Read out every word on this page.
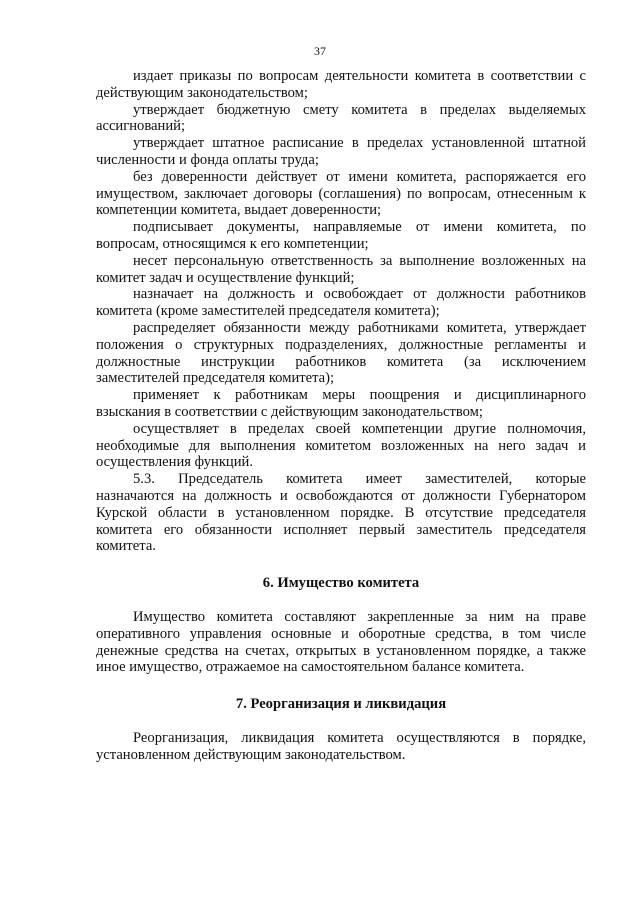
37

издает приказы по вопросам деятельности комитета в соответствии с действующим законодательством;

утверждает бюджетную смету комитета в пределах выделяемых ассигнований;

утверждает штатное расписание в пределах установленной штатной численности и фонда оплаты труда;

без доверенности действует от имени комитета, распоряжается его имуществом, заключает договоры (соглашения) по вопросам, отнесенным к компетенции комитета, выдает доверенности;

подписывает документы, направляемые от имени комитета, по вопросам, относящимся к его компетенции;

несет персональную ответственность за выполнение возложенных на комитет задач и осуществление функций;

назначает на должность и освобождает от должности работников комитета (кроме заместителей председателя комитета);

распределяет обязанности между работниками комитета, утверждает положения о структурных подразделениях, должностные регламенты и должностные инструкции работников комитета (за исключением заместителей председателя комитета);

применяет к работникам меры поощрения и дисциплинарного взыскания в соответствии с действующим законодательством;

осуществляет в пределах своей компетенции другие полномочия, необходимые для выполнения комитетом возложенных на него задач и осуществления функций.

5.3. Председатель комитета имеет заместителей, которые назначаются на должность и освобождаются от должности Губернатором Курской области в установленном порядке. В отсутствие председателя комитета его обязанности исполняет первый заместитель председателя комитета.

6. Имущество комитета

Имущество комитета составляют закрепленные за ним на праве оперативного управления основные и оборотные средства, в том числе денежные средства на счетах, открытых в установленном порядке, а также иное имущество, отражаемое на самостоятельном балансе комитета.

7. Реорганизация и ликвидация

Реорганизация, ликвидация комитета осуществляются в порядке, установленном действующим законодательством.
